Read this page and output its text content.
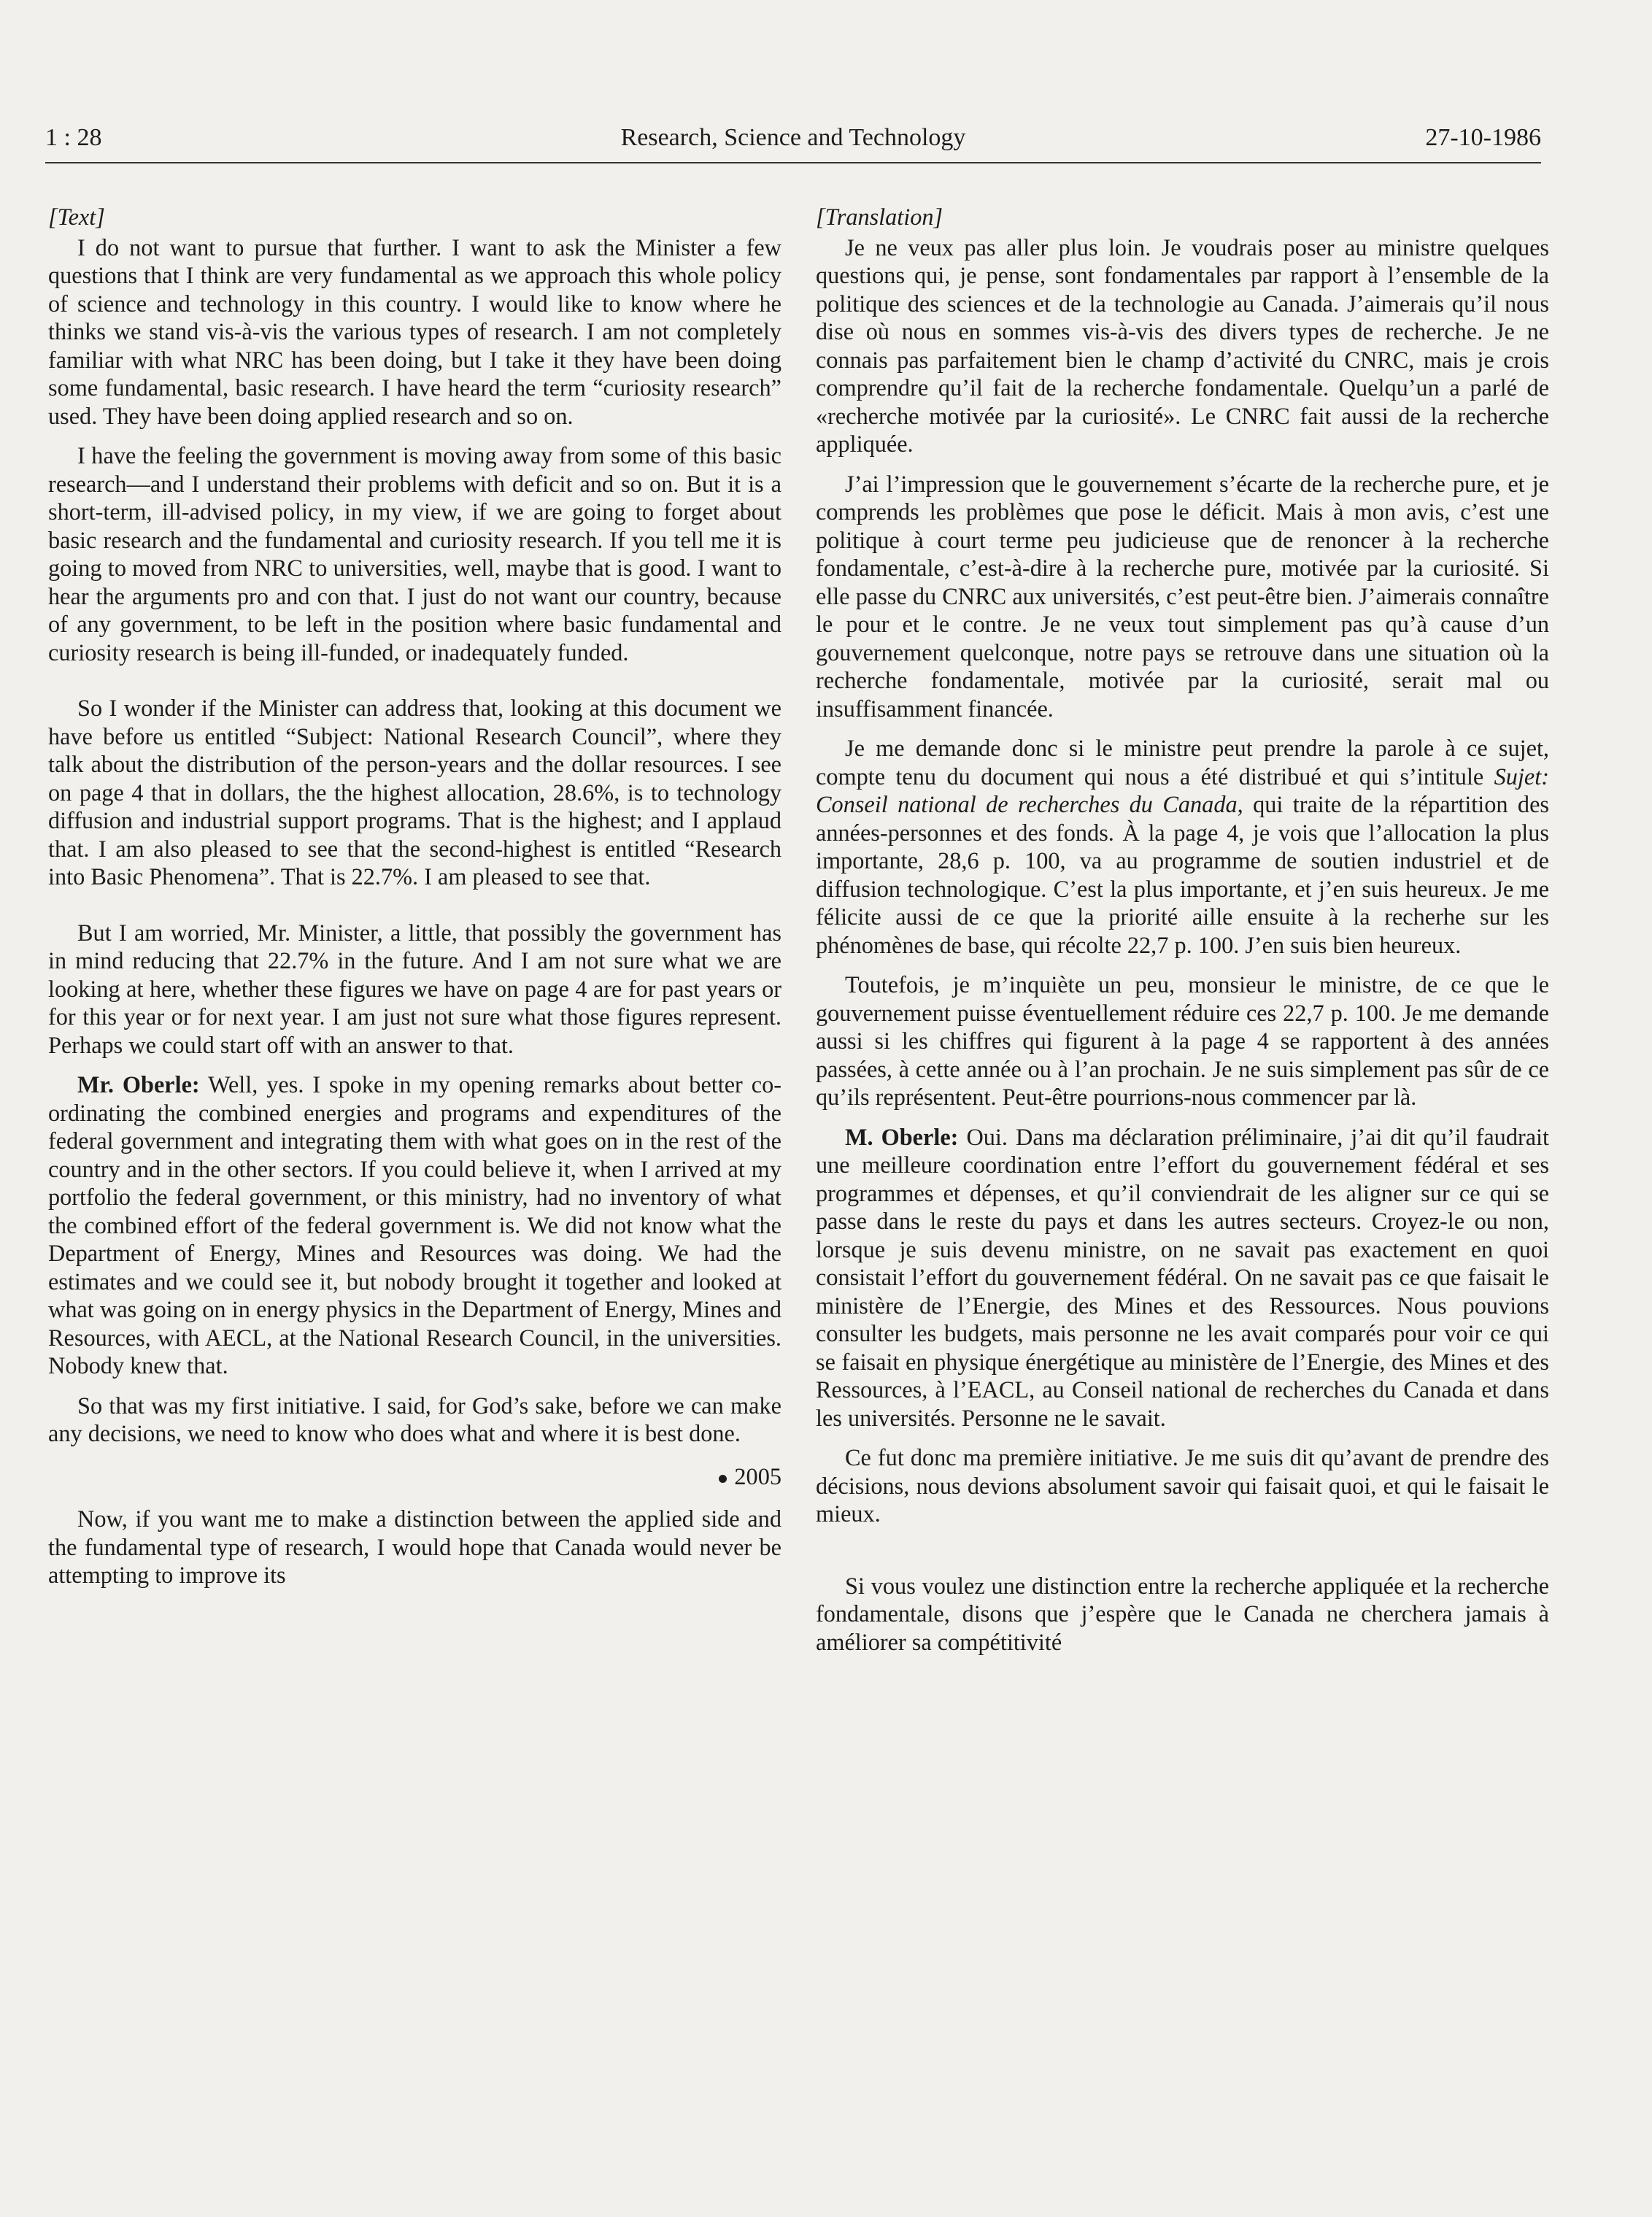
1 : 28	Research, Science and Technology	27-10-1986
[Text]

I do not want to pursue that further. I want to ask the Minister a few questions that I think are very fundamental as we approach this whole policy of science and technology in this country. I would like to know where he thinks we stand vis-à-vis the various types of research. I am not completely familiar with what NRC has been doing, but I take it they have been doing some fundamental, basic research. I have heard the term “curiosity research” used. They have been doing applied research and so on.

I have the feeling the government is moving away from some of this basic research—and I understand their problems with deficit and so on. But it is a short-term, ill-advised policy, in my view, if we are going to forget about basic research and the fundamental and curiosity research. If you tell me it is going to moved from NRC to universities, well, maybe that is good. I want to hear the arguments pro and con that. I just do not want our country, because of any government, to be left in the position where basic fundamental and curiosity research is being ill-funded, or inadequately funded.

So I wonder if the Minister can address that, looking at this document we have before us entitled “Subject: National Research Council”, where they talk about the distribution of the person-years and the dollar resources. I see on page 4 that in dollars, the the highest allocation, 28.6%, is to technology diffusion and industrial support programs. That is the highest; and I applaud that. I am also pleased to see that the second-highest is entitled “Research into Basic Phenomena”. That is 22.7%. I am pleased to see that.

But I am worried, Mr. Minister, a little, that possibly the government has in mind reducing that 22.7% in the future. And I am not sure what we are looking at here, whether these figures we have on page 4 are for past years or for this year or for next year. I am just not sure what those figures represent. Perhaps we could start off with an answer to that.

Mr. Oberle: Well, yes. I spoke in my opening remarks about better co-ordinating the combined energies and programs and expenditures of the federal government and integrating them with what goes on in the rest of the country and in the other sectors. If you could believe it, when I arrived at my portfolio the federal government, or this ministry, had no inventory of what the combined effort of the federal government is. We did not know what the Department of Energy, Mines and Resources was doing. We had the estimates and we could see it, but nobody brought it together and looked at what was going on in energy physics in the Department of Energy, Mines and Resources, with AECL, at the National Research Council, in the universities. Nobody knew that.

So that was my first initiative. I said, for God’s sake, before we can make any decisions, we need to know who does what and where it is best done.

2005

Now, if you want me to make a distinction between the applied side and the fundamental type of research, I would hope that Canada would never be attempting to improve its

[Translation]

Je ne veux pas aller plus loin. Je voudrais poser au ministre quelques questions qui, je pense, sont fondamentales par rapport à l’ensemble de la politique des sciences et de la technologie au Canada. J’aimerais qu’il nous dise où nous en sommes vis-à-vis des divers types de recherche. Je ne connais pas parfaitement bien le champ d’activité du CNRC, mais je crois comprendre qu’il fait de la recherche fondamentale. Quelqu’un a parlé de «recherche motivée par la curiosité». Le CNRC fait aussi de la recherche appliquée.

J’ai l’impression que le gouvernement s’écarte de la recherche pure, et je comprends les problèmes que pose le déficit. Mais à mon avis, c’est une politique à court terme peu judicieuse que de renoncer à la recherche fondamentale, c’est-à-dire à la recherche pure, motivée par la curiosité. Si elle passe du CNRC aux universités, c’est peut-être bien. J’aimerais connaître le pour et le contre. Je ne veux tout simplement pas qu’à cause d’un gouvernement quelconque, notre pays se retrouve dans une situation où la recherche fondamentale, motivée par la curiosité, serait mal ou insuffisamment financée.

Je me demande donc si le ministre peut prendre la parole à ce sujet, compte tenu du document qui nous a été distribué et qui s’intitule Sujet: Conseil national de recherches du Canada, qui traite de la répartition des années-personnes et des fonds. À la page 4, je vois que l’allocation la plus importante, 28,6 p. 100, va au programme de soutien industriel et de diffusion technologique. C’est la plus importante, et j’en suis heureux. Je me félicite aussi de ce que la priorité aille ensuite à la recherhe sur les phénomènes de base, qui récolte 22,7 p. 100. J’en suis bien heureux.

Toutefois, je m’inquiète un peu, monsieur le ministre, de ce que le gouvernement puisse éventuellement réduire ces 22,7 p. 100. Je me demande aussi si les chiffres qui figurent à la page 4 se rapportent à des années passées, à cette année ou à l’an prochain. Je ne suis simplement pas sûr de ce qu’ils représentent. Peut-être pourrions-nous commencer par là.

M. Oberle: Oui. Dans ma déclaration préliminaire, j’ai dit qu’il faudrait une meilleure coordination entre l’effort du gouvernement fédéral et ses programmes et dépenses, et qu’il conviendrait de les aligner sur ce qui se passe dans le reste du pays et dans les autres secteurs. Croyez-le ou non, lorsque je suis devenu ministre, on ne savait pas exactement en quoi consistait l’effort du gouvernement fédéral. On ne savait pas ce que faisait le ministère de l’Energie, des Mines et des Ressources. Nous pouvions consulter les budgets, mais personne ne les avait comparés pour voir ce qui se faisait en physique énergétique au ministère de l’Energie, des Mines et des Ressources, à l’EACL, au Conseil national de recherches du Canada et dans les universités. Personne ne le savait.

Ce fut donc ma première initiative. Je me suis dit qu’avant de prendre des décisions, nous devions absolument savoir qui faisait quoi, et qui le faisait le mieux.

Si vous voulez une distinction entre la recherche appliquée et la recherche fondamentale, disons que j’espère que le Canada ne cherchera jamais à améliorer sa compétitivité
